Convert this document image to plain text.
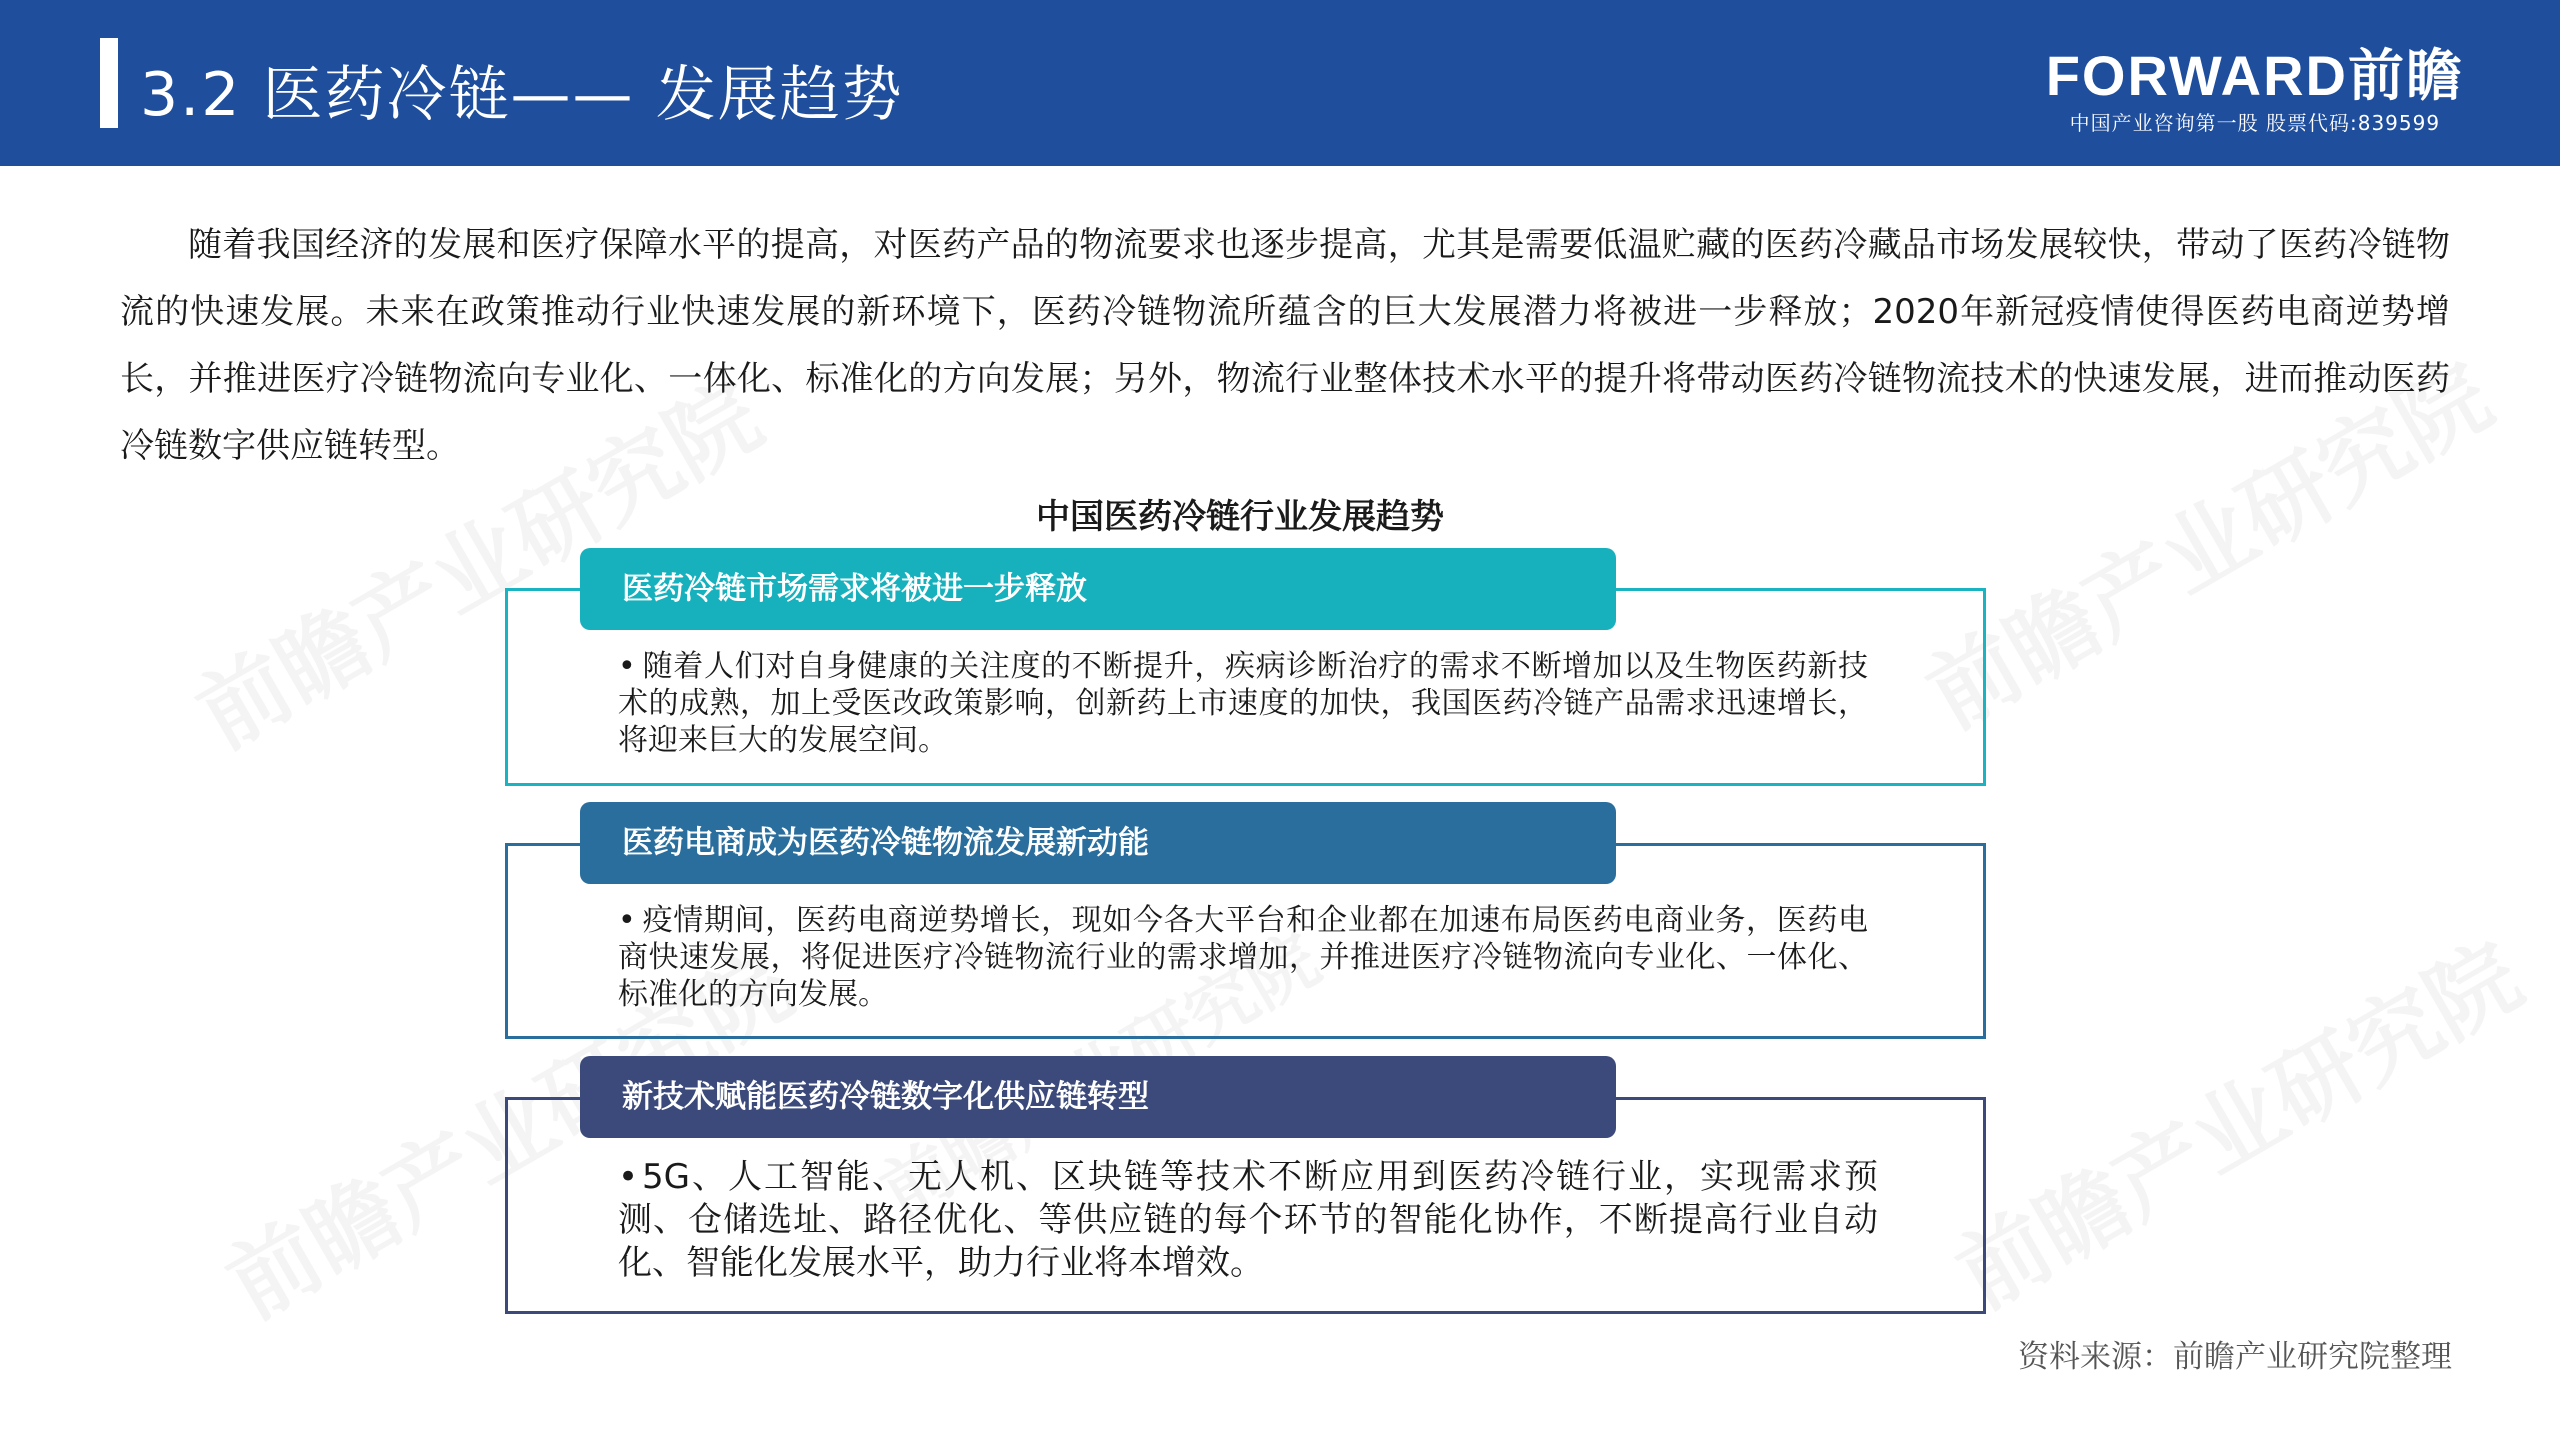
3.2 医药冷链—— 发展趋势	FORWARD前瞻
中国产业咨询第一股 股票代码:839599
随着我国经济的发展和医疗保障水平的提高，对医药产品的物流要求也逐步提高，尤其是需要低温贮藏的医药冷藏品市场发展较快，带动了医药冷链物流的快速发展。未来在政策推动行业快速发展的新环境下，医药冷链物流所蕴含的巨大发展潜力将被进一步释放；2020年新冠疫情使得医药电商逆势增长，并推进医疗冷链物流向专业化、一体化、标准化的方向发展；另外，物流行业整体技术水平的提升将带动医药冷链物流技术的快速发展，进而推动医药冷链数字供应链转型。
中国医药冷链行业发展趋势
医药冷链市场需求将被进一步释放
• 随着人们对自身健康的关注度的不断提升，疾病诊断治疗的需求不断增加以及生物医药新技术的成熟，加上受医改政策影响，创新药上市速度的加快，我国医药冷链产品需求迅速增长，将迎来巨大的发展空间。
医药电商成为医药冷链物流发展新动能
• 疫情期间，医药电商逆势增长，现如今各大平台和企业都在加速布局医药电商业务，医药电商快速发展，将促进医疗冷链物流行业的需求增加，并推进医疗冷链物流向专业化、一体化、标准化的方向发展。
新技术赋能医药冷链数字化供应链转型
• 5G、人工智能、无人机、区块链等技术不断应用到医药冷链行业，实现需求预测、仓储选址、路径优化、等供应链的每个环节的智能化协作，不断提高行业自动化、智能化发展水平，助力行业将本增效。
资料来源：前瞻产业研究院整理
